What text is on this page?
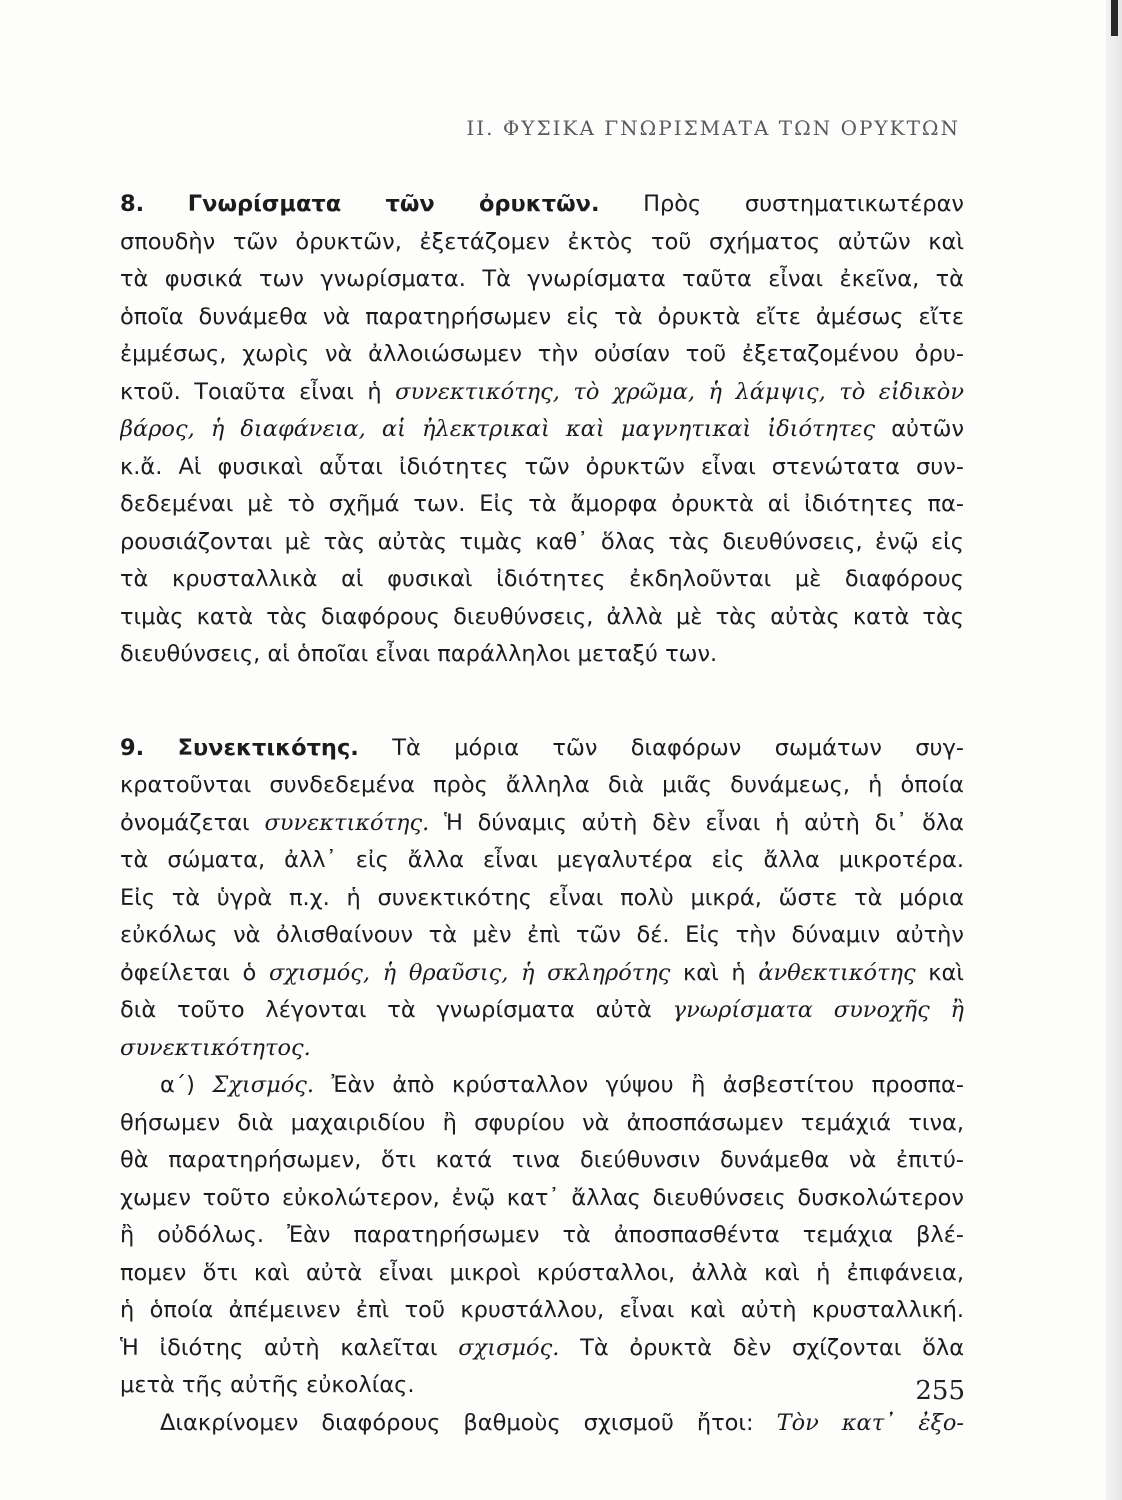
II. ΦΥΣΙΚΑ ΓΝΩΡΙΣΜΑΤΑ ΤΩΝ ΟΡΥΚΤΩΝ
8. Γνωρίσματα τῶν ὀρυκτῶν. Πρὸς συστηματικωτέραν
σπουδὴν τῶν ὀρυκτῶν, ἐξετάζομεν ἐκτὸς τοῦ σχήματος αὐτῶν καὶ
τὰ φυσικά των γνωρίσματα. Τὰ γνωρίσματα ταῦτα εἶναι ἐκεῖνα, τὰ
ὁποῖα δυνάμεθα νὰ παρατηρήσωμεν εἰς τὰ ὀρυκτὰ εἴτε ἀμέσως εἴτε
ἐμμέσως, χωρὶς νὰ ἀλλοιώσωμεν τὴν οὐσίαν τοῦ ἐξεταζομένου ὀρυ-
κτοῦ. Τοιαῦτα εἶναι ἡ συνεκτικότης, τὸ χρῶμα, ἡ λάμψις, τὸ εἰδικὸν
βάρος, ἡ διαφάνεια, αἱ ἠλεκτρικαὶ καὶ μαγνητικαὶ ἰδιότητες αὐτῶν
κ.ἄ. Αἱ φυσικαὶ αὗται ἰδιότητες τῶν ὀρυκτῶν εἶναι στενώτατα συν-
δεδεμέναι μὲ τὸ σχῆμά των. Εἰς τὰ ἄμορφα ὀρυκτὰ αἱ ἰδιότητες πα-
ρουσιάζονται μὲ τὰς αὐτὰς τιμὰς καθ᾽ ὅλας τὰς διευθύνσεις, ἐνῷ εἰς
τὰ κρυσταλλικὰ αἱ φυσικαὶ ἰδιότητες ἐκδηλοῦνται μὲ διαφόρους
τιμὰς κατὰ τὰς διαφόρους διευθύνσεις, ἀλλὰ μὲ τὰς αὐτὰς κατὰ τὰς
διευθύνσεις, αἱ ὁποῖαι εἶναι παράλληλοι μεταξύ των.
9. Συνεκτικότης. Τὰ μόρια τῶν διαφόρων σωμάτων συγ-
κρατοῦνται συνδεδεμένα πρὸς ἄλληλα διὰ μιᾶς δυνάμεως, ἡ ὁποία
ὀνομάζεται συνεκτικότης. Ἡ δύναμις αὐτὴ δὲν εἶναι ἡ αὐτὴ δι᾽ ὅλα
τὰ σώματα, ἀλλ᾽ εἰς ἄλλα εἶναι μεγαλυτέρα εἰς ἄλλα μικροτέρα.
Εἰς τὰ ὑγρὰ π.χ. ἡ συνεκτικότης εἶναι πολὺ μικρά, ὥστε τὰ μόρια
εὐκόλως νὰ ὀλισθαίνουν τὰ μὲν ἐπὶ τῶν δέ. Εἰς τὴν δύναμιν αὐτὴν
ὀφείλεται ὁ σχισμός, ἡ θραῦσις, ἡ σκληρότης καὶ ἡ ἀνθεκτικότης καὶ
διὰ τοῦτο λέγονται τὰ γνωρίσματα αὐτὰ γνωρίσματα συνοχῆς ἢ
συνεκτικότητος.
α´) Σχισμός. Ἐὰν ἀπὸ κρύσταλλον γύψου ἢ ἀσβεστίτου προσπα-
θήσωμεν διὰ μαχαιριδίου ἢ σφυρίου νὰ ἀποσπάσωμεν τεμάχιά τινα,
θὰ παρατηρήσωμεν, ὅτι κατά τινα διεύθυνσιν δυνάμεθα νὰ ἐπιτύ-
χωμεν τοῦτο εὐκολώτερον, ἐνῷ κατ᾽ ἄλλας διευθύνσεις δυσκολώτερον
ἢ οὐδόλως. Ἐὰν παρατηρήσωμεν τὰ ἀποσπασθέντα τεμάχια βλέ-
πομεν ὅτι καὶ αὐτὰ εἶναι μικροὶ κρύσταλλοι, ἀλλὰ καὶ ἡ ἐπιφάνεια,
ἡ ὁποία ἀπέμεινεν ἐπὶ τοῦ κρυστάλλου, εἶναι καὶ αὐτὴ κρυσταλλική.
Ἡ ἰδιότης αὐτὴ καλεῖται σχισμός. Τὰ ὀρυκτὰ δὲν σχίζονται ὅλα
μετὰ τῆς αὐτῆς εὐκολίας.
Διακρίνομεν διαφόρους βαθμοὺς σχισμοῦ ἤτοι: Τὸν κατ᾽ ἐξο-
255
